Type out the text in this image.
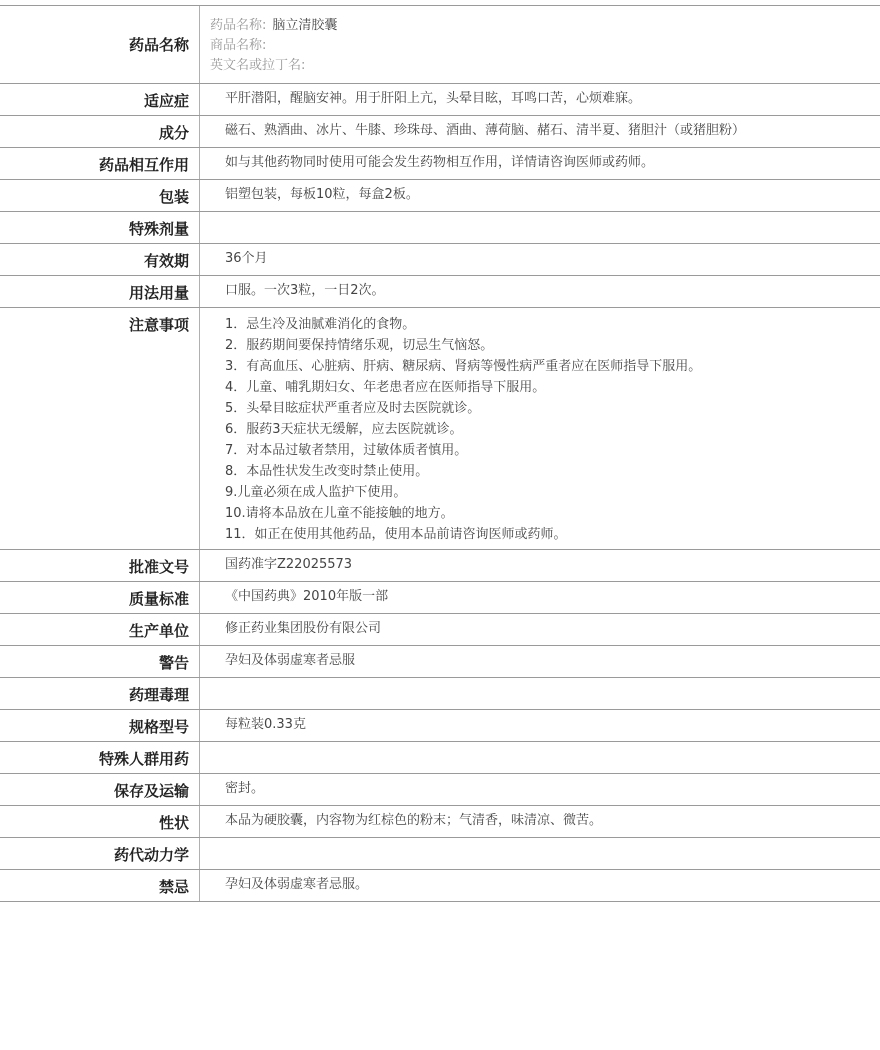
药品名称
药品名称: 脑立清胶囊
商品名称:
英文名或拉丁名:
适应症	平肝潜阳，醒脑安神。用于肝阳上亢，头晕目眩，耳鸣口苦，心烦难寐。
成分	磁石、熟酒曲、冰片、牛膝、珍珠母、酒曲、薄荷脑、赭石、清半夏、猪胆汁（或猪胆粉）
药品相互作用	如与其他药物同时使用可能会发生药物相互作用，详情请咨询医师或药师。
包装	铝塑包装，每板10粒，每盒2板。
特殊剂量
有效期	36个月
用法用量	口服。一次3粒，一日2次。
注意事项	1．忌生冷及油腻难消化的食物。
2．服药期间要保持情绪乐观，切忌生气恼怒。
3．有高血压、心脏病、肝病、糖尿病、肾病等慢性病严重者应在医师指导下服用。
4．儿童、哺乳期妇女、年老患者应在医师指导下服用。
5．头晕目眩症状严重者应及时去医院就诊。
6．服药3天症状无缓解，应去医院就诊。
7．对本品过敏者禁用，过敏体质者慎用。
8．本品性状发生改变时禁止使用。
9.儿童必须在成人监护下使用。
10.请将本品放在儿童不能接触的地方。
11．如正在使用其他药品，使用本品前请咨询医师或药师。
批准文号	国药准字Z22025573
质量标准	《中国药典》2010年版一部
生产单位	修正药业集团股份有限公司
警告	孕妇及体弱虚寒者忌服
药理毒理
规格型号	每粒装0.33克
特殊人群用药
保存及运输	密封。
性状	本品为硬胶囊，内容物为红棕色的粉末；气清香，味清凉、微苦。
药代动力学
禁忌	孕妇及体弱虚寒者忌服。
